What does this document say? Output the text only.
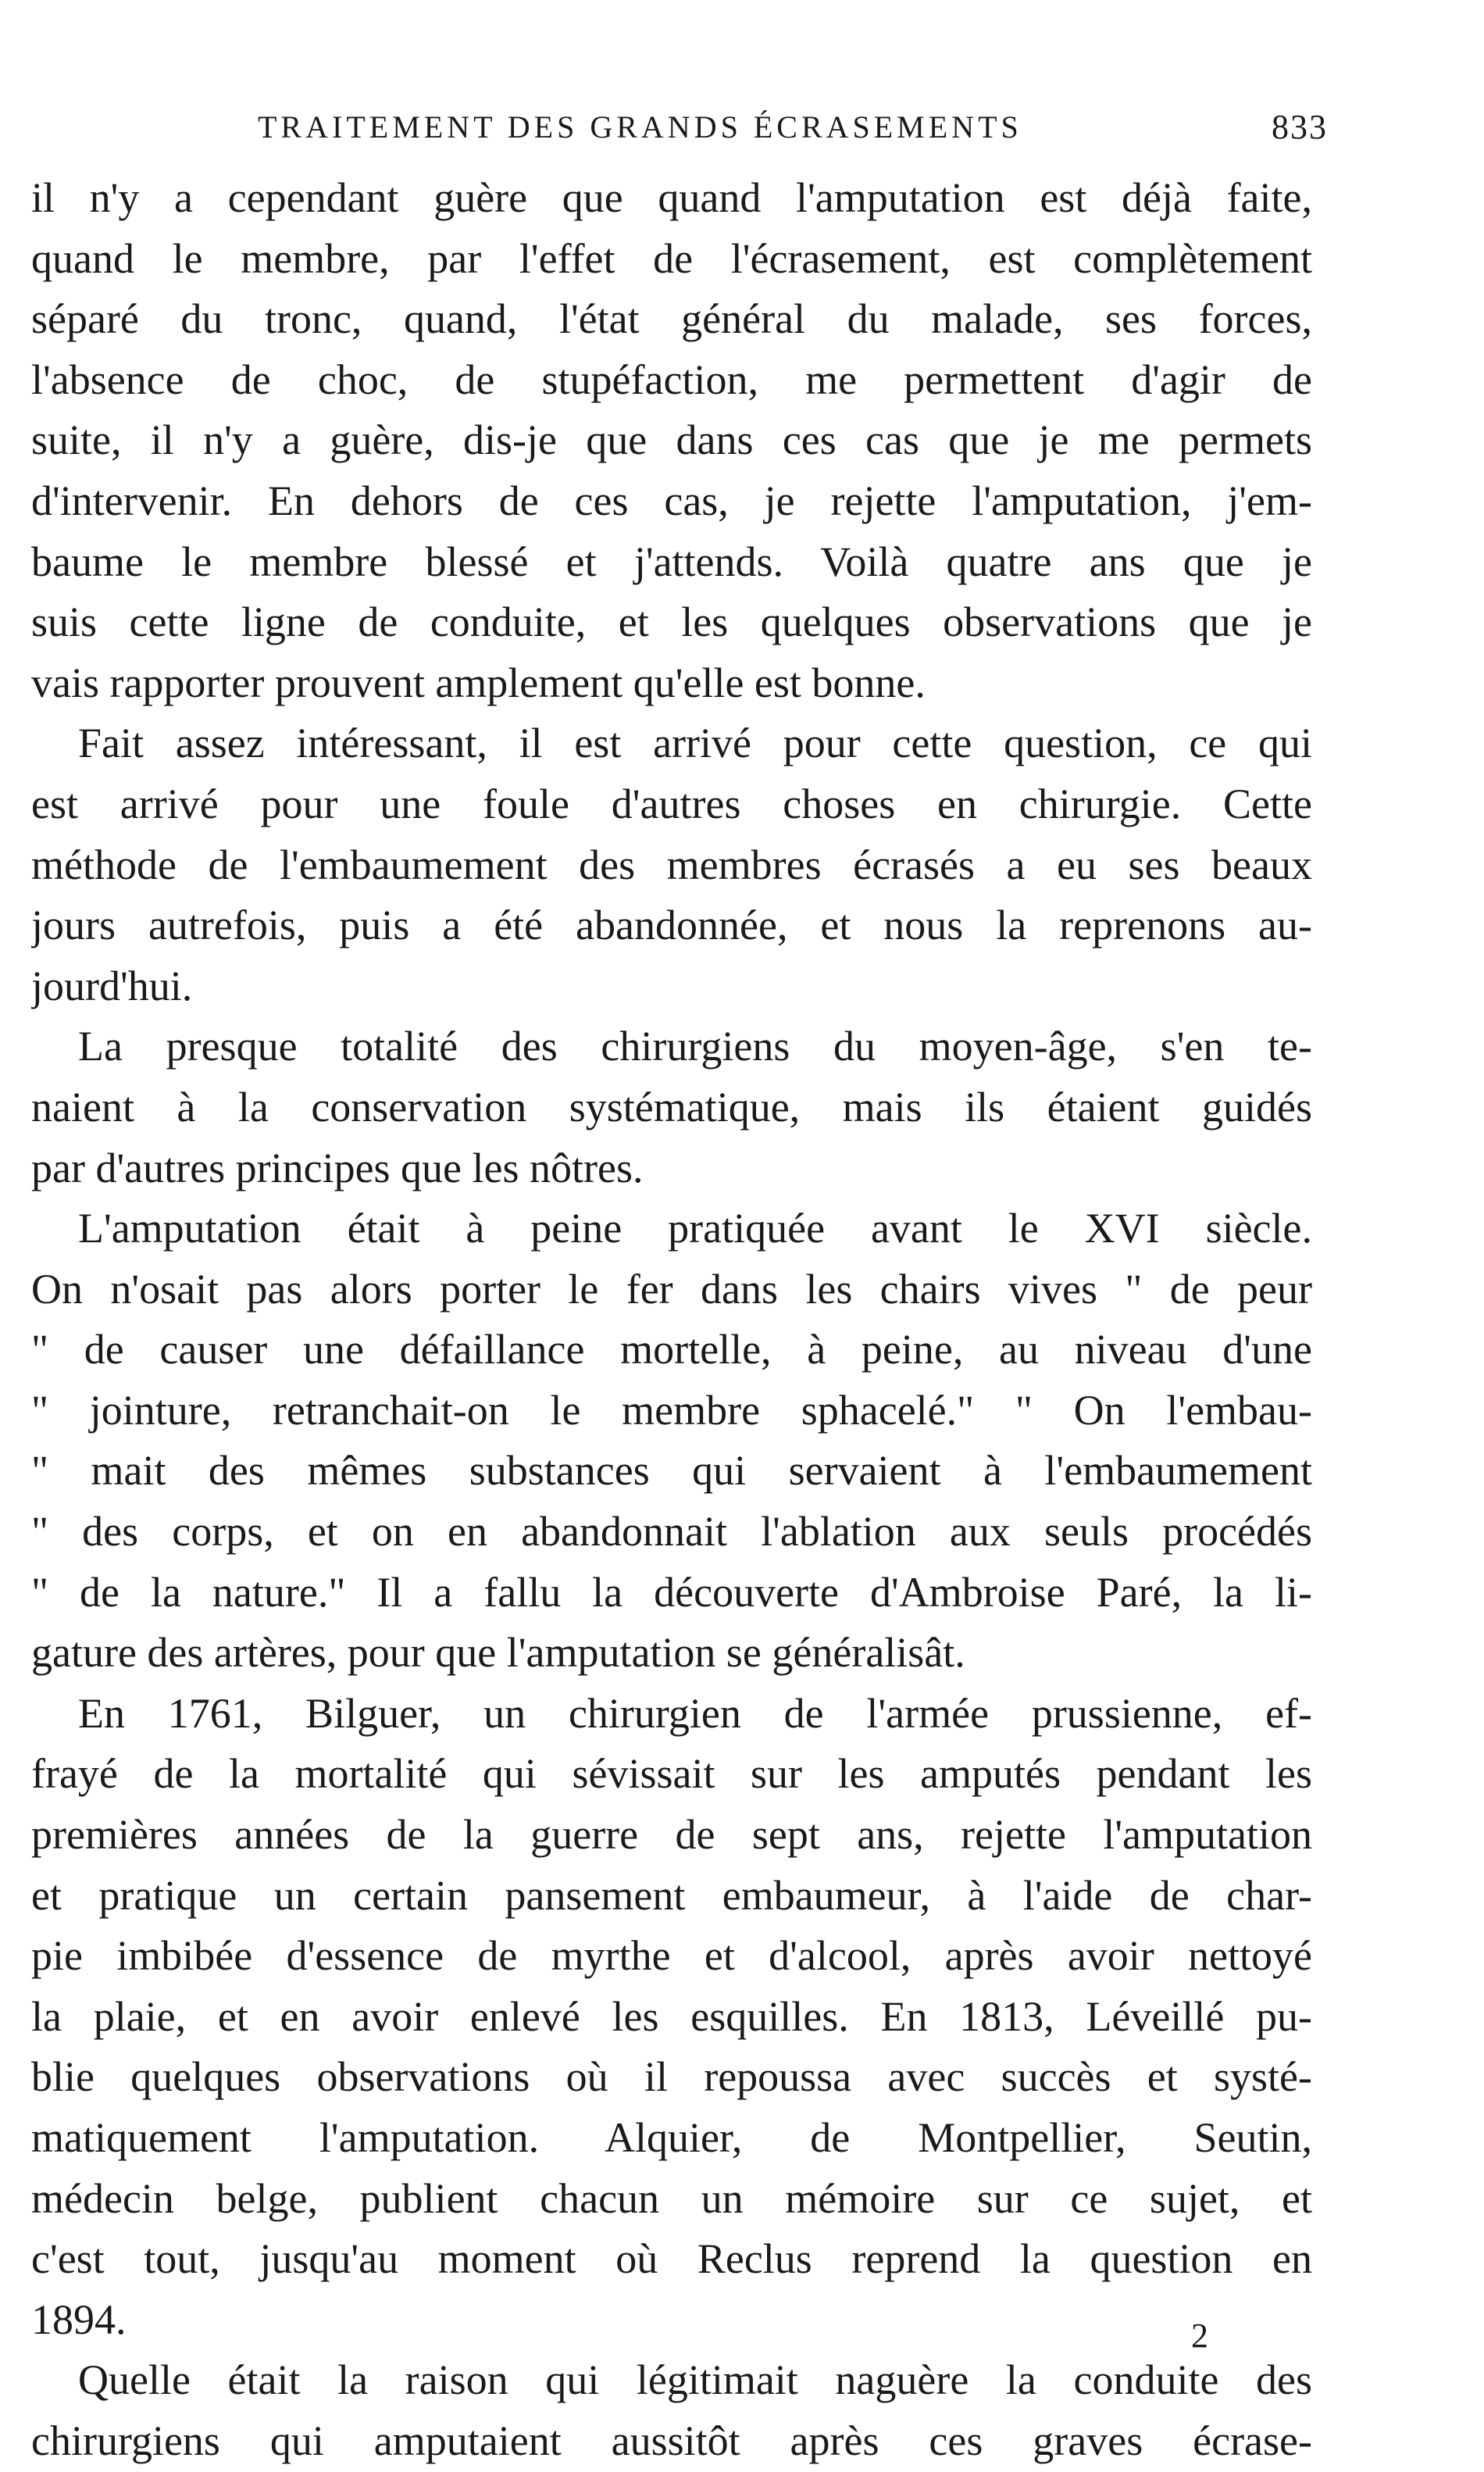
TRAITEMENT DES GRANDS ÉCRASEMENTS	833

il n'y a cependant guère que quand l'amputation est déjà faite,
quand le membre, par l'effet de l'écrasement, est complètement
séparé du tronc, quand, l'état général du malade, ses forces,
l'absence de choc, de stupéfaction, me permettent d'agir de
suite, il n'y a guère, dis-je que dans ces cas que je me permets
d'intervenir. En dehors de ces cas, je rejette l'amputation, j'em-
baume le membre blessé et j'attends. Voilà quatre ans que je
suis cette ligne de conduite, et les quelques observations que je
vais rapporter prouvent amplement qu'elle est bonne.

Fait assez intéressant, il est arrivé pour cette question, ce qui
est arrivé pour une foule d'autres choses en chirurgie. Cette
méthode de l'embaumement des membres écrasés a eu ses beaux
jours autrefois, puis a été abandonnée, et nous la reprenons au-
jourd'hui.

La presque totalité des chirurgiens du moyen-âge, s'en te-
naient à la conservation systématique, mais ils étaient guidés
par d'autres principes que les nôtres.

L'amputation était à peine pratiquée avant le XVI siècle.
On n'osait pas alors porter le fer dans les chairs vives " de peur
" de causer une défaillance mortelle, à peine, au niveau d'une
" jointure, retranchait-on le membre sphacelé." " On l'embau-
" mait des mêmes substances qui servaient à l'embaumement
" des corps, et on en abandonnait l'ablation aux seuls procédés
" de la nature." Il a fallu la découverte d'Ambroise Paré, la li-
gature des artères, pour que l'amputation se généralisât.

En 1761, Bilguer, un chirurgien de l'armée prussienne, ef-
frayé de la mortalité qui sévissait sur les amputés pendant les
premières années de la guerre de sept ans, rejette l'amputation
et pratique un certain pansement embaumeur, à l'aide de char-
pie imbibée d'essence de myrthe et d'alcool, après avoir nettoyé
la plaie, et en avoir enlevé les esquilles. En 1813, Léveillé pu-
blie quelques observations où il repoussa avec succès et systé-
matiquement l'amputation. Alquier, de Montpellier, Seutin,
médecin belge, publient chacun un mémoire sur ce sujet, et
c'est tout, jusqu'au moment où Reclus reprend la question en
1894.

Quelle était la raison qui légitimait naguère la conduite des
chirurgiens qui amputaient aussitôt après ces graves écrase-

2
